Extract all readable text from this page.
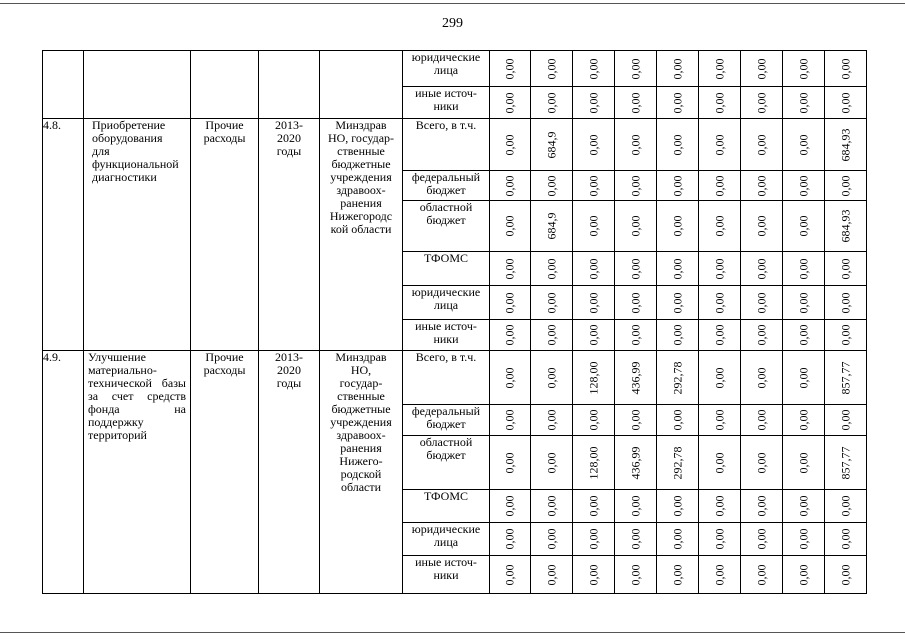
299
					юридические лица	0,00	0,00	0,00	0,00	0,00	0,00	0,00	0,00	0,00

					иные источ-ники	0,00	0,00	0,00	0,00	0,00	0,00	0,00	0,00	0,00

4.8.	Приобретение оборудования для функциональной диагностики	Прочие расходы	2013-2020 годы	Минздрав НО, государ-ственные бюджетные учреждения здравоох-ранения Нижегородс кой области	Всего, в т.ч.	0,00	684,9	0,00	0,00	0,00	0,00	0,00	0,00	684,93

					федеральный бюджет	0,00	0,00	0,00	0,00	0,00	0,00	0,00	0,00	0,00

					областной бюджет	0,00	684,9	0,00	0,00	0,00	0,00	0,00	0,00	684,93

					ТФОМС	0,00	0,00	0,00	0,00	0,00	0,00	0,00	0,00	0,00

					юридические лица	0,00	0,00	0,00	0,00	0,00	0,00	0,00	0,00	0,00

					иные источ-ники	0,00	0,00	0,00	0,00	0,00	0,00	0,00	0,00	0,00

4.9.	Улучшение материально-технической базы за счет средств фонда на поддержку территорий	Прочие расходы	2013-2020 годы	Минздрав НО, государ-ственные бюджетные учреждения здравоох-ранения Нижего-родской области	Всего, в т.ч.	0,00	0,00	128,00	436,99	292,78	0,00	0,00	0,00	857,77

					федеральный бюджет	0,00	0,00	0,00	0,00	0,00	0,00	0,00	0,00	0,00

					областной бюджет	0,00	0,00	128,00	436,99	292,78	0,00	0,00	0,00	857,77

					ТФОМС	0,00	0,00	0,00	0,00	0,00	0,00	0,00	0,00	0,00

					юридические лица	0,00	0,00	0,00	0,00	0,00	0,00	0,00	0,00	0,00

					иные источ-ники	0,00	0,00	0,00	0,00	0,00	0,00	0,00	0,00	0,00
